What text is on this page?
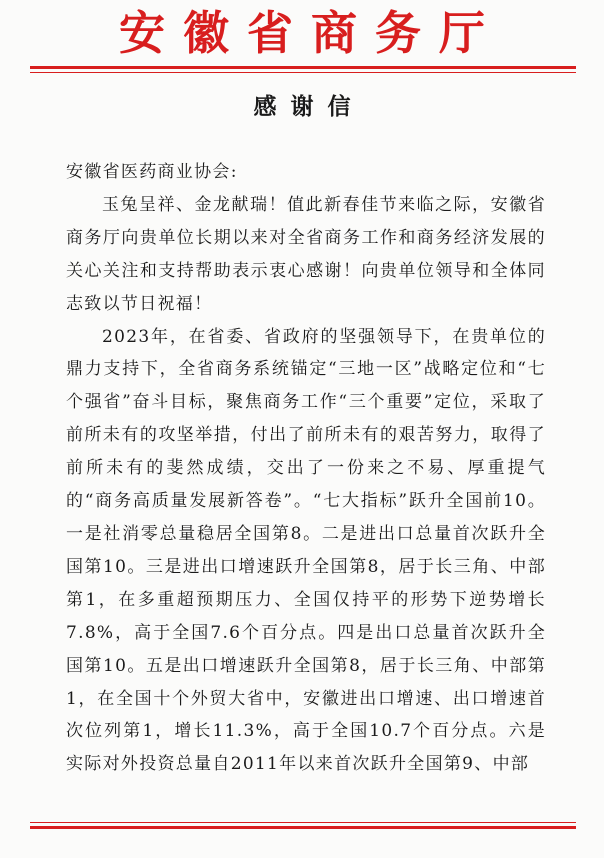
安徽省商务厅
感谢信

安徽省医药商业协会:

玉兔呈祥、金龙献瑞！值此新春佳节来临之际，安徽省商务厅向贵单位长期以来对全省商务工作和商务经济发展的关心关注和支持帮助表示衷心感谢！向贵单位领导和全体同志致以节日祝福！

2023年，在省委、省政府的坚强领导下，在贵单位的鼎力支持下，全省商务系统锚定“三地一区”战略定位和“七个强省”奋斗目标，聚焦商务工作“三个重要”定位，采取了前所未有的攻坚举措，付出了前所未有的艰苦努力，取得了前所未有的斐然成绩，交出了一份来之不易、厚重提气的“商务高质量发展新答卷”。“七大指标”跃升全国前10。一是社消零总量稳居全国第8。二是进出口总量首次跃升全国第10。三是进出口增速跃升全国第8，居于长三角、中部第1，在多重超预期压力、全国仅持平的形势下逆势增长7.8%，高于全国7.6个百分点。四是出口总量首次跃升全国第10。五是出口增速跃升全国第8，居于长三角、中部第1，在全国十个外贸大省中，安徽进出口增速、出口增速首次位列第1，增长11.3%，高于全国10.7个百分点。六是实际对外投资总量自2011年以来首次跃升全国第9、中部
